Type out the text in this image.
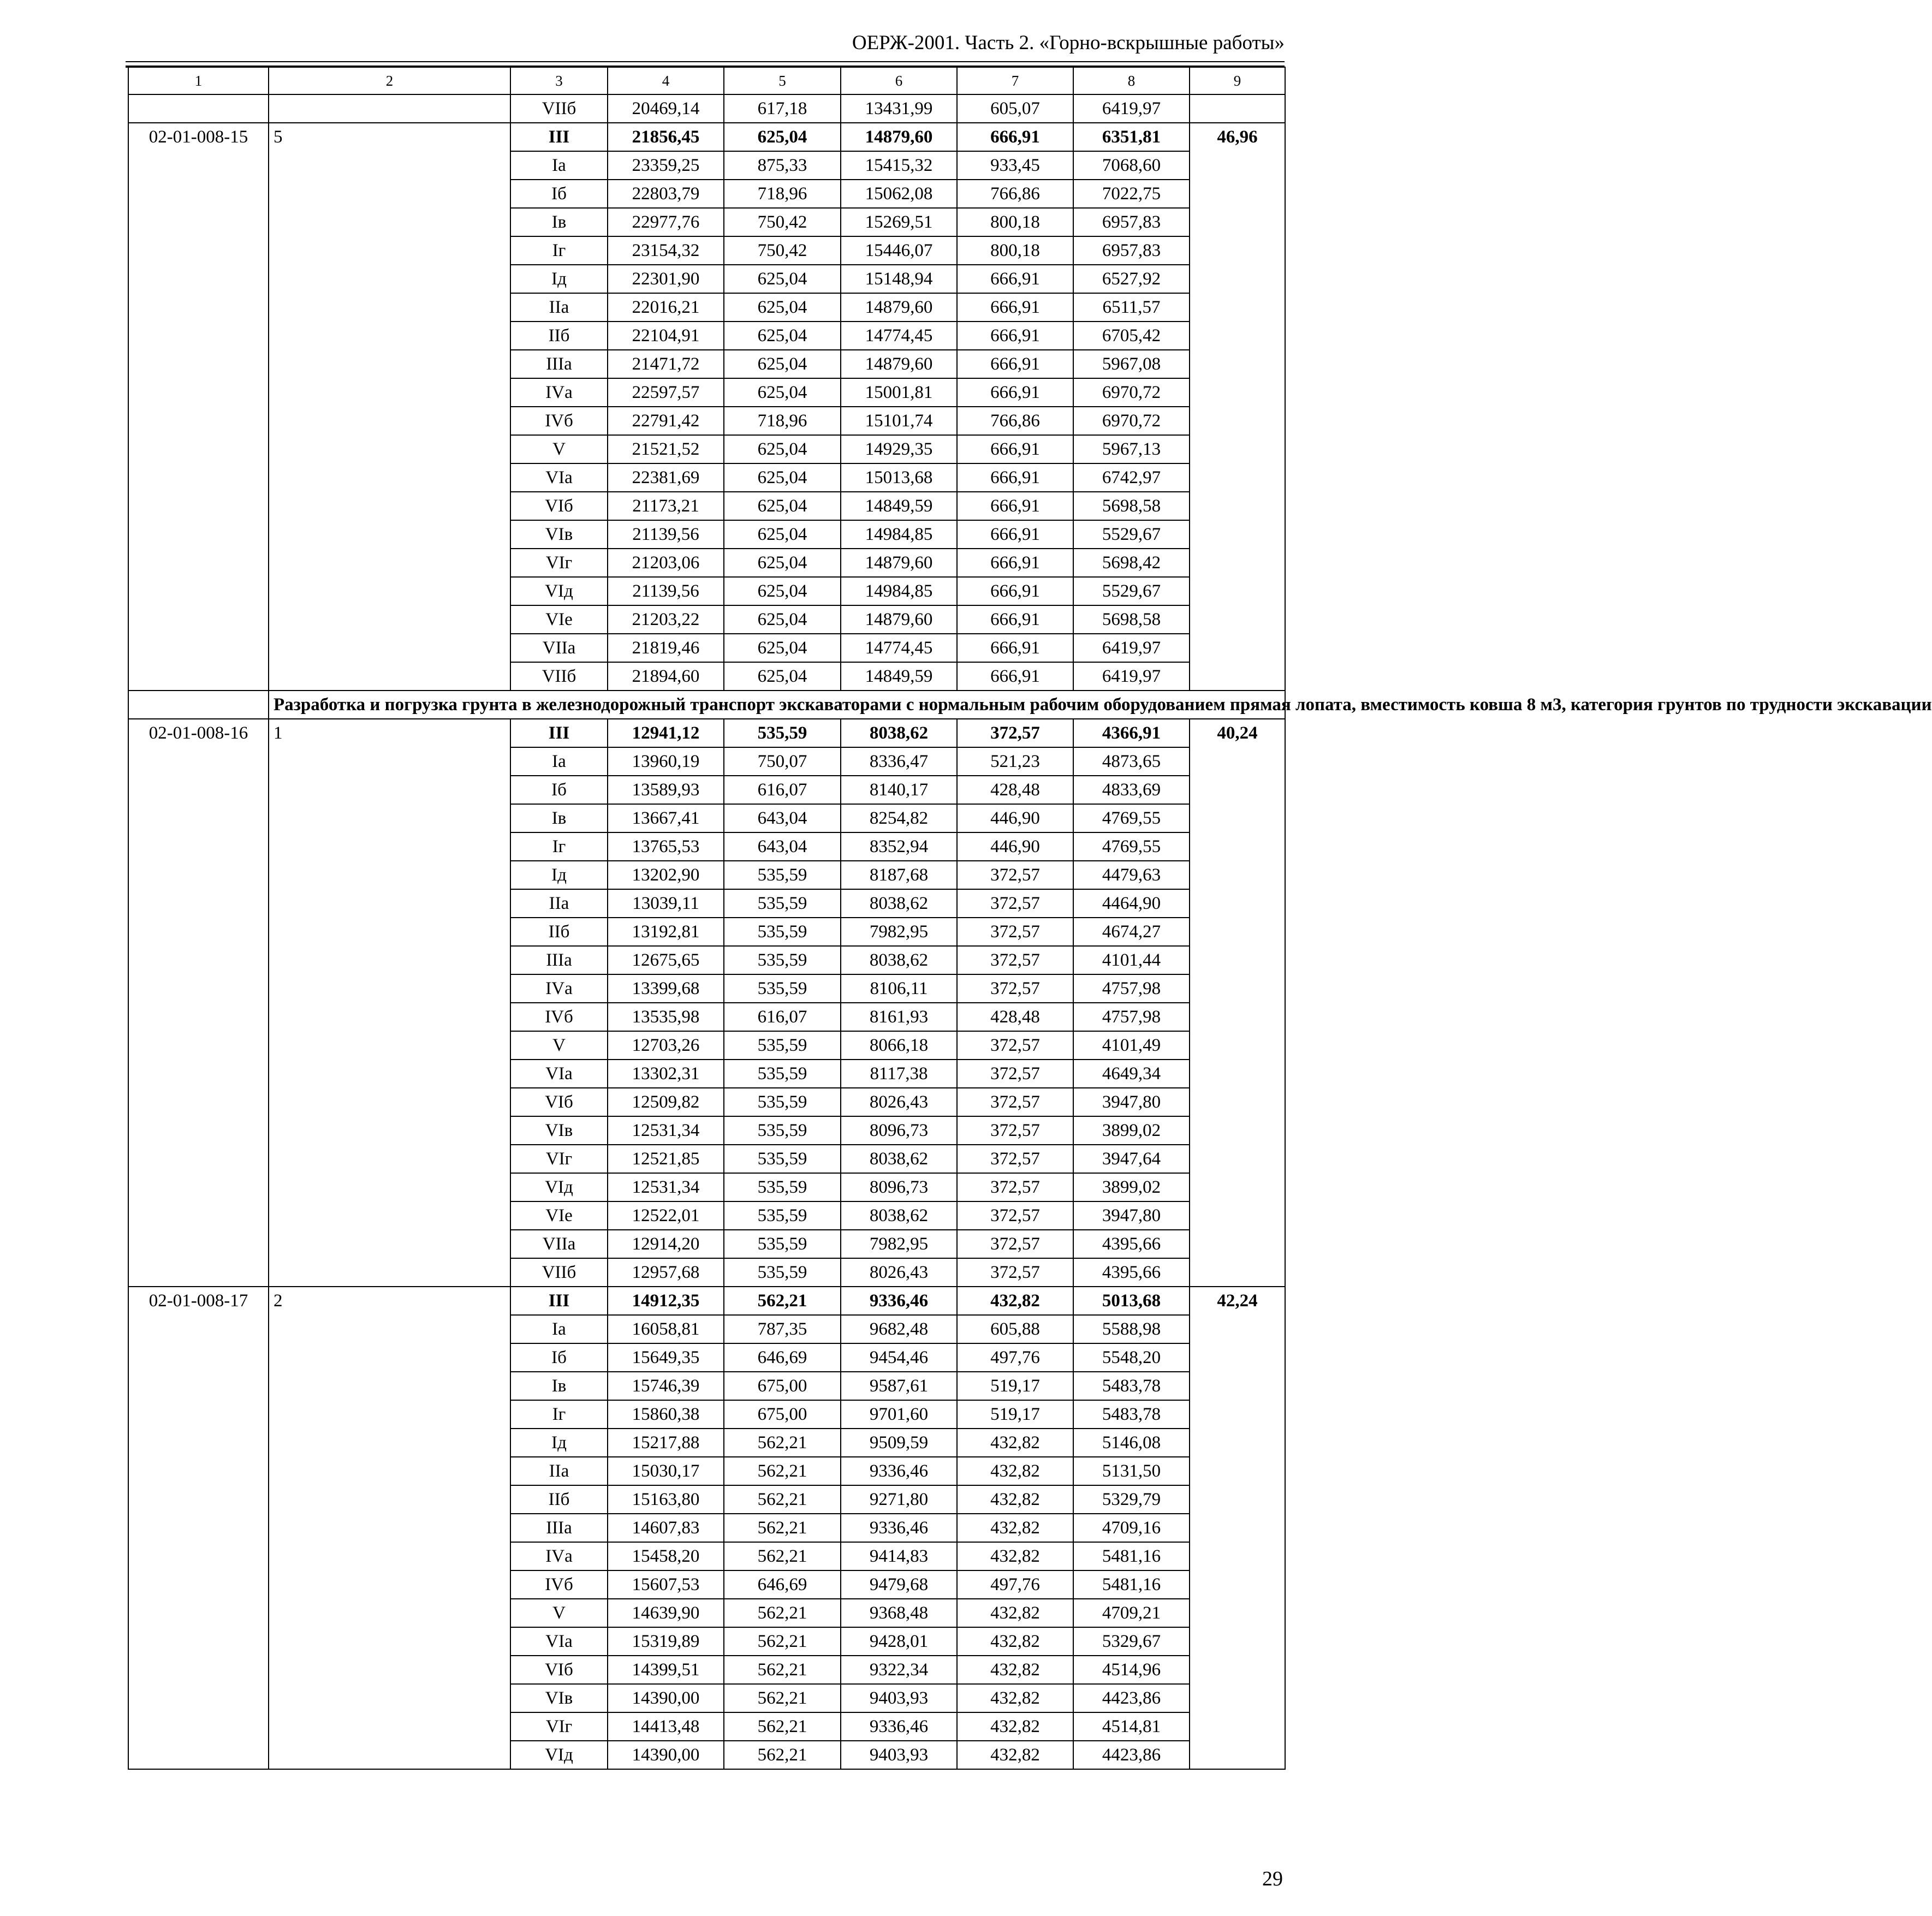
ОЕРЖ-2001. Часть 2. «Горно-вскрышные работы»
1	2	3	4	5	6	7	8	9
		VIIб	20469,14	617,18	13431,99	605,07	6419,97	
02-01-008-15	5	III	21856,45	625,04	14879,60	666,91	6351,81	46,96
		Iа	23359,25	875,33	15415,32	933,45	7068,60	
		Iб	22803,79	718,96	15062,08	766,86	7022,75	
		Iв	22977,76	750,42	15269,51	800,18	6957,83	
		Iг	23154,32	750,42	15446,07	800,18	6957,83	
		Iд	22301,90	625,04	15148,94	666,91	6527,92	
		IIа	22016,21	625,04	14879,60	666,91	6511,57	
		IIб	22104,91	625,04	14774,45	666,91	6705,42	
		IIIа	21471,72	625,04	14879,60	666,91	5967,08	
		IVа	22597,57	625,04	15001,81	666,91	6970,72	
		IVб	22791,42	718,96	15101,74	766,86	6970,72	
		V	21521,52	625,04	14929,35	666,91	5967,13	
		VIа	22381,69	625,04	15013,68	666,91	6742,97	
		VIб	21173,21	625,04	14849,59	666,91	5698,58	
		VIв	21139,56	625,04	14984,85	666,91	5529,67	
		VIг	21203,06	625,04	14879,60	666,91	5698,42	
		VIд	21139,56	625,04	14984,85	666,91	5529,67	
		VIе	21203,22	625,04	14879,60	666,91	5698,58	
		VIIа	21819,46	625,04	14774,45	666,91	6419,97	
		VIIб	21894,60	625,04	14849,59	666,91	6419,97	
	Разработка и погрузка грунта в железнодорожный транспорт экскаваторами с нормальным рабочим оборудованием прямая лопата, вместимость ковша 8 м3, категория грунтов по трудности экскавации							
02-01-008-16	1	III	12941,12	535,59	8038,62	372,57	4366,91	40,24
		Iа	13960,19	750,07	8336,47	521,23	4873,65	
		Iб	13589,93	616,07	8140,17	428,48	4833,69	
		Iв	13667,41	643,04	8254,82	446,90	4769,55	
		Iг	13765,53	643,04	8352,94	446,90	4769,55	
		Iд	13202,90	535,59	8187,68	372,57	4479,63	
		IIа	13039,11	535,59	8038,62	372,57	4464,90	
		IIб	13192,81	535,59	7982,95	372,57	4674,27	
		IIIа	12675,65	535,59	8038,62	372,57	4101,44	
		IVа	13399,68	535,59	8106,11	372,57	4757,98	
		IVб	13535,98	616,07	8161,93	428,48	4757,98	
		V	12703,26	535,59	8066,18	372,57	4101,49	
		VIа	13302,31	535,59	8117,38	372,57	4649,34	
		VIб	12509,82	535,59	8026,43	372,57	3947,80	
		VIв	12531,34	535,59	8096,73	372,57	3899,02	
		VIг	12521,85	535,59	8038,62	372,57	3947,64	
		VIд	12531,34	535,59	8096,73	372,57	3899,02	
		VIе	12522,01	535,59	8038,62	372,57	3947,80	
		VIIа	12914,20	535,59	7982,95	372,57	4395,66	
		VIIб	12957,68	535,59	8026,43	372,57	4395,66	
02-01-008-17	2	III	14912,35	562,21	9336,46	432,82	5013,68	42,24
		Iа	16058,81	787,35	9682,48	605,88	5588,98	
		Iб	15649,35	646,69	9454,46	497,76	5548,20	
		Iв	15746,39	675,00	9587,61	519,17	5483,78	
		Iг	15860,38	675,00	9701,60	519,17	5483,78	
		Iд	15217,88	562,21	9509,59	432,82	5146,08	
		IIа	15030,17	562,21	9336,46	432,82	5131,50	
		IIб	15163,80	562,21	9271,80	432,82	5329,79	
		IIIа	14607,83	562,21	9336,46	432,82	4709,16	
		IVа	15458,20	562,21	9414,83	432,82	5481,16	
		IVб	15607,53	646,69	9479,68	497,76	5481,16	
		V	14639,90	562,21	9368,48	432,82	4709,21	
		VIа	15319,89	562,21	9428,01	432,82	5329,67	
		VIб	14399,51	562,21	9322,34	432,82	4514,96	
		VIв	14390,00	562,21	9403,93	432,82	4423,86	
		VIг	14413,48	562,21	9336,46	432,82	4514,81	
		VIд	14390,00	562,21	9403,93	432,82	4423,86	
29
